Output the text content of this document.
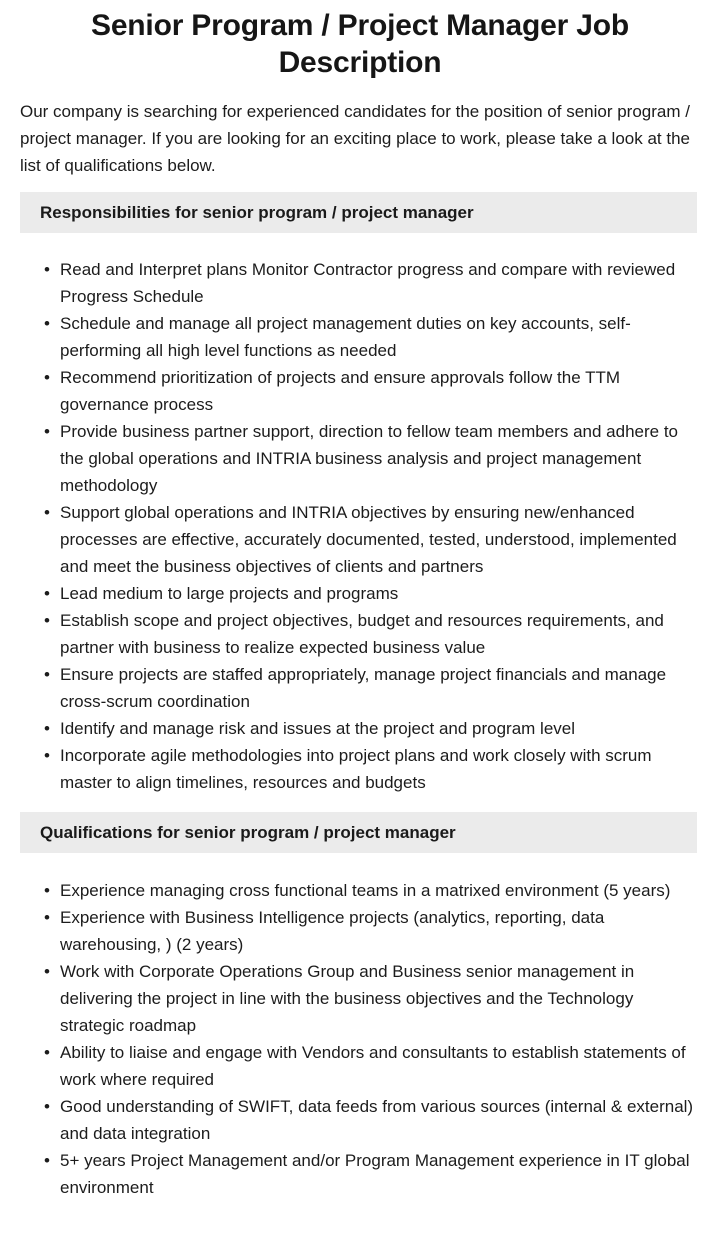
Senior Program / Project Manager Job Description

Our company is searching for experienced candidates for the position of senior program / project manager. If you are looking for an exciting place to work, please take a look at the list of qualifications below.

Responsibilities for senior program / project manager
• Read and Interpret plans Monitor Contractor progress and compare with reviewed Progress Schedule
• Schedule and manage all project management duties on key accounts, self-performing all high level functions as needed
• Recommend prioritization of projects and ensure approvals follow the TTM governance process
• Provide business partner support, direction to fellow team members and adhere to the global operations and INTRIA business analysis and project management methodology
• Support global operations and INTRIA objectives by ensuring new/enhanced processes are effective, accurately documented, tested, understood, implemented and meet the business objectives of clients and partners
• Lead medium to large projects and programs
• Establish scope and project objectives, budget and resources requirements, and partner with business to realize expected business value
• Ensure projects are staffed appropriately, manage project financials and manage cross-scrum coordination
• Identify and manage risk and issues at the project and program level
• Incorporate agile methodologies into project plans and work closely with scrum master to align timelines, resources and budgets
Qualifications for senior program / project manager
• Experience managing cross functional teams in a matrixed environment (5 years)
• Experience with Business Intelligence projects (analytics, reporting, data warehousing, ) (2 years)
• Work with Corporate Operations Group and Business senior management in delivering the project in line with the business objectives and the Technology strategic roadmap
• Ability to liaise and engage with Vendors and consultants to establish statements of work where required
• Good understanding of SWIFT, data feeds from various sources (internal & external) and data integration
• 5+ years Project Management and/or Program Management experience in IT global environment
